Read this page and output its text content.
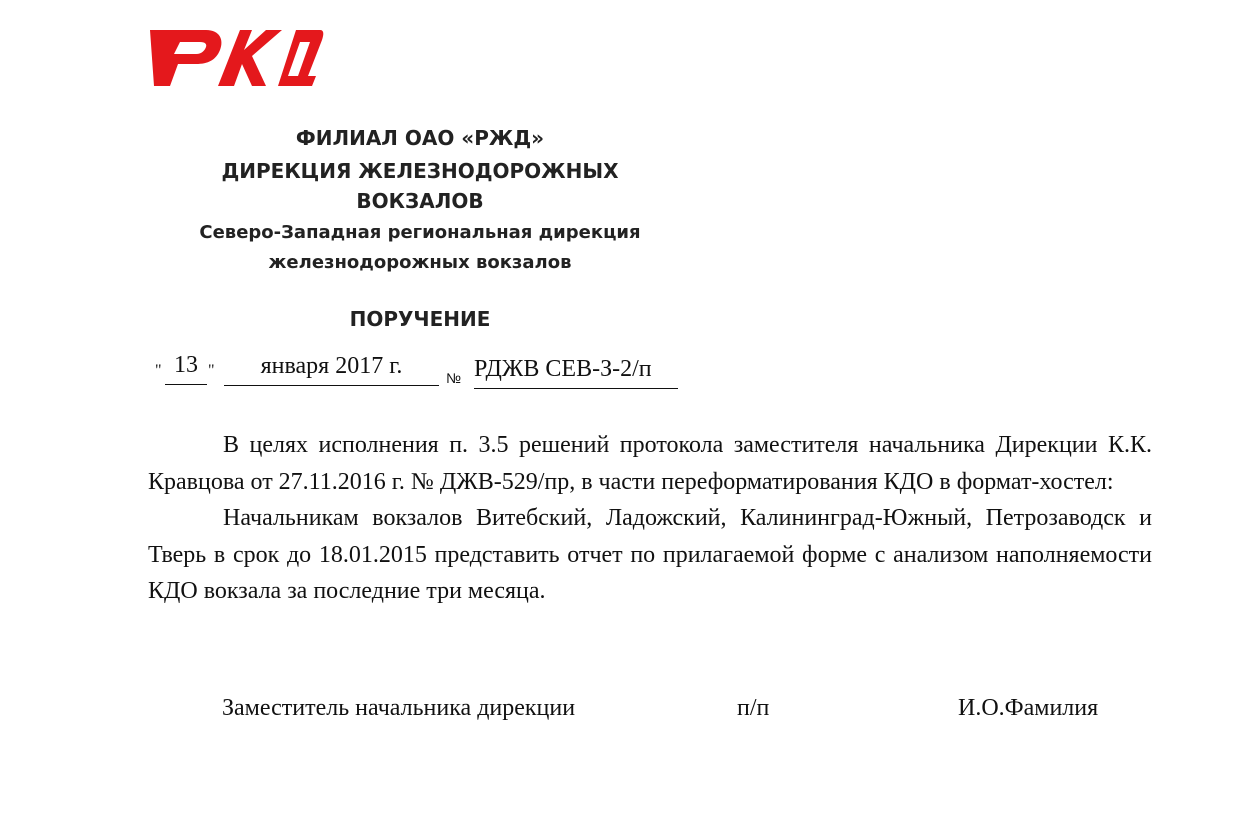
ФИЛИАЛ ОАО «РЖД»
ДИРЕКЦИЯ ЖЕЛЕЗНОДОРОЖНЫХ
ВОКЗАЛОВ
Северо-Западная региональная дирекция
железнодорожных вокзалов
ПОРУЧЕНИЕ
" 13 "	января 2017 г.	№ РДЖВ СЕВ-З-2/п

В целях исполнения п. 3.5 решений протокола заместителя начальника Дирекции К.К. Кравцова от 27.11.2016 г. № ДЖВ-529/пр, в части переформатирования КДО в формат-хостел:

Начальникам вокзалов Витебский, Ладожский, Калининград-Южный, Петрозаводск и Тверь в срок до 18.01.2015 представить отчет по прилагаемой форме с анализом наполняемости КДО вокзала за последние три месяца.

Заместитель начальника дирекции	п/п	И.О.Фамилия
